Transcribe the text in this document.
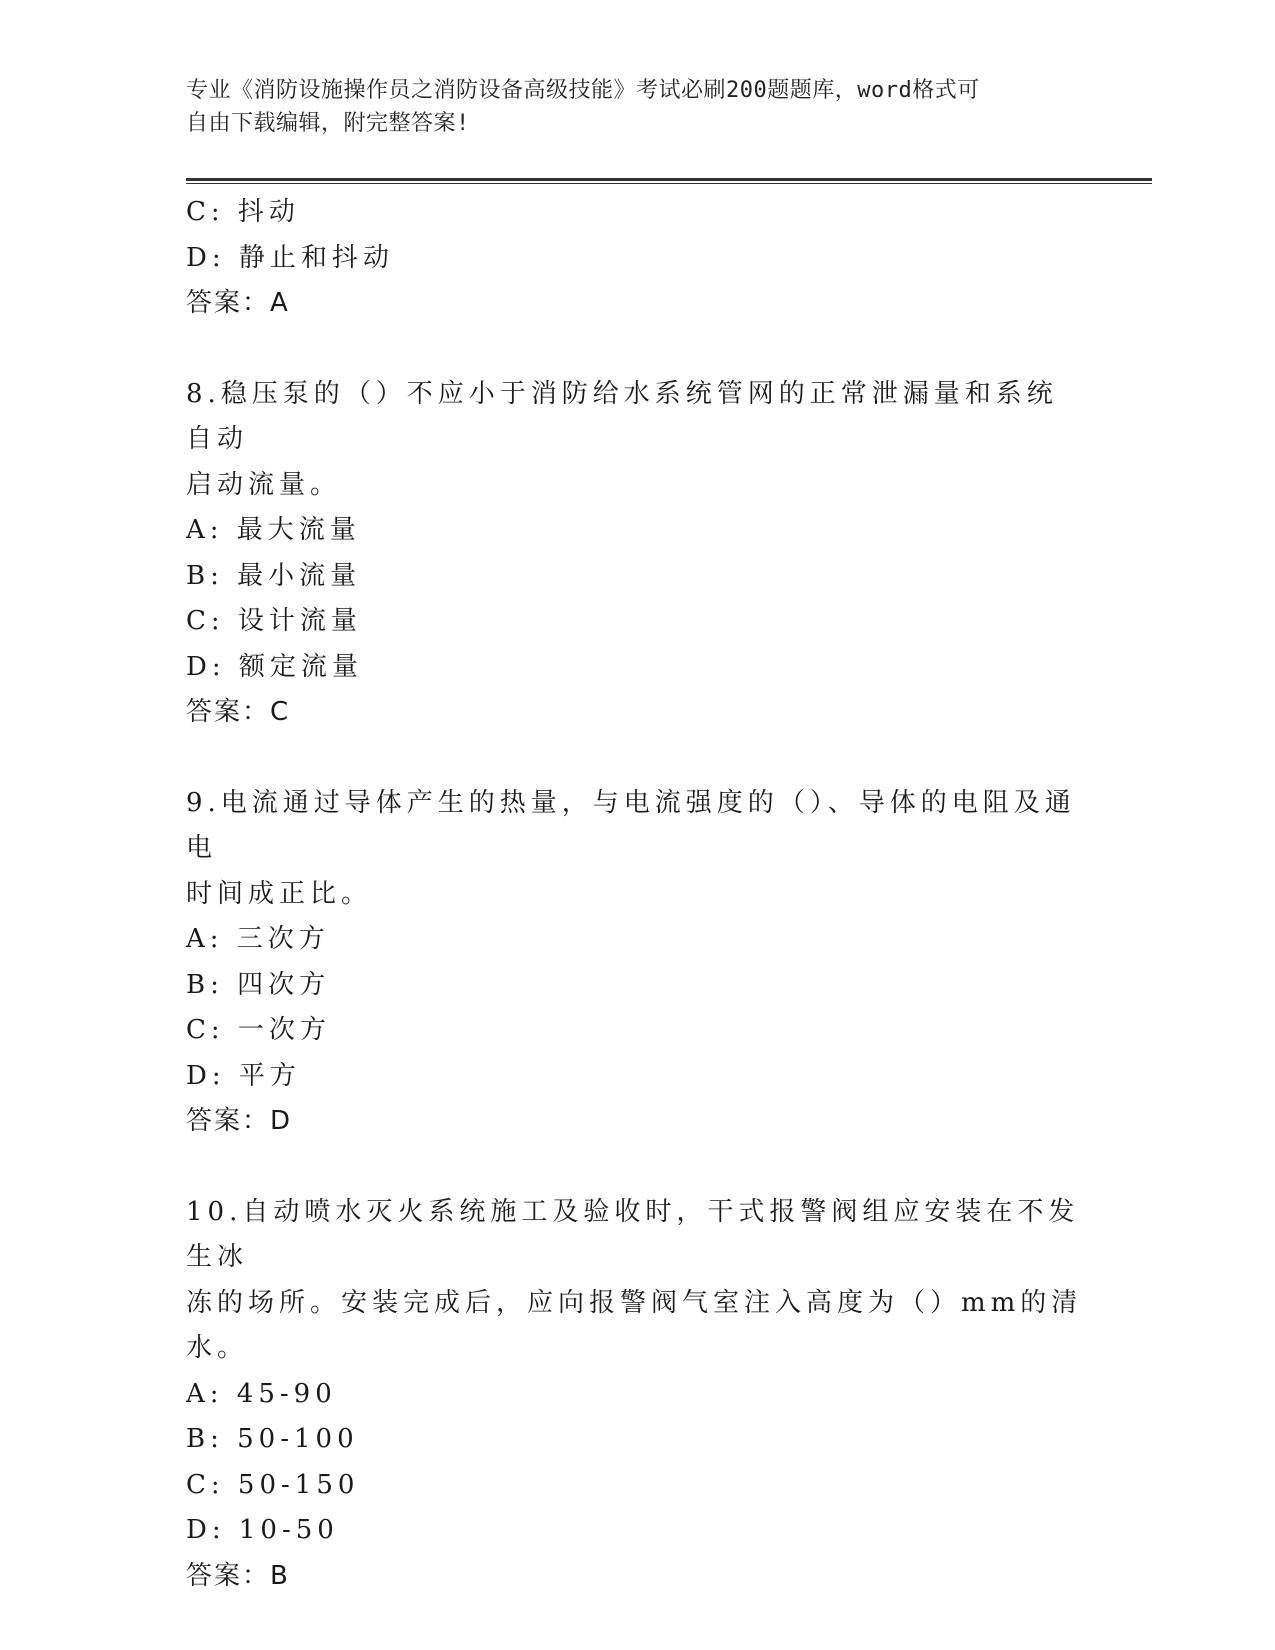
专业《消防设施操作员之消防设备高级技能》考试必刷200题题库，word格式可
自由下载编辑，附完整答案!
C: 抖动
D: 静止和抖动
答案：A
8.稳压泵的（）不应小于消防给水系统管网的正常泄漏量和系统自动
启动流量。
A: 最大流量
B: 最小流量
C: 设计流量
D: 额定流量
答案：C
9.电流通过导体产生的热量，与电流强度的（）、导体的电阻及通电
时间成正比。
A: 三次方
B: 四次方
C: 一次方
D: 平方
答案：D
10.自动喷水灭火系统施工及验收时，干式报警阀组应安装在不发生冰
冻的场所。安装完成后，应向报警阀气室注入高度为（）mm的清水。
A: 45-90
B: 50-100
C: 50-150
D: 10-50
答案：B
